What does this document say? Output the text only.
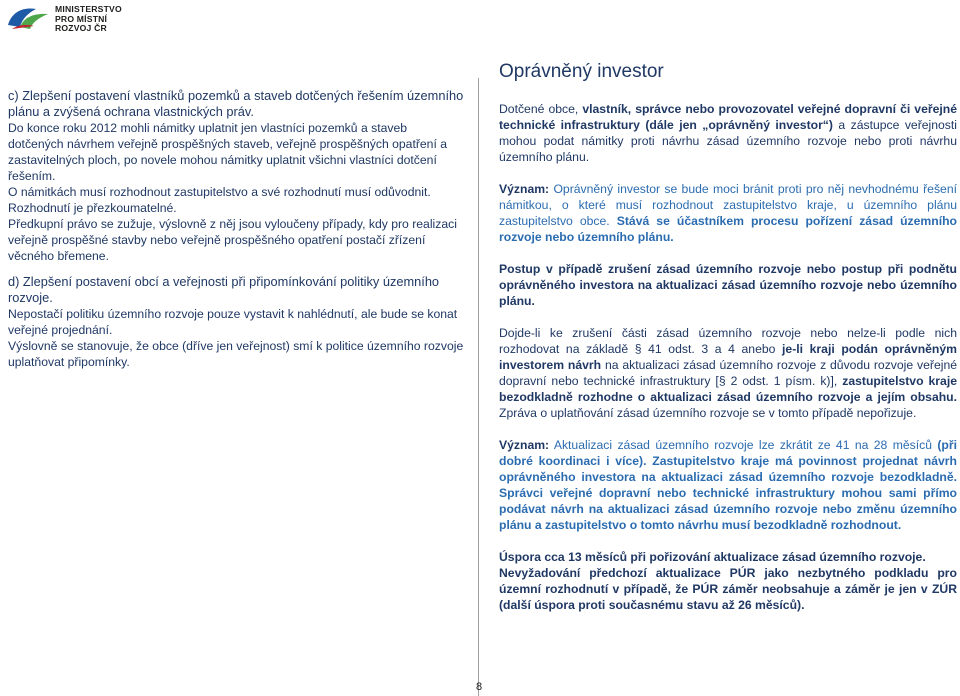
MINISTERSTVO
PRO MÍSTNÍ
ROZVOJ ČR
Oprávněný investor

c) Zlepšení postavení vlastníků pozemků a staveb dotčených řešením územního plánu a zvýšená ochrana vlastnických práv.

Do konce roku 2012 mohli námitky uplatnit jen vlastníci pozemků a staveb dotčených návrhem veřejně prospěšných staveb, veřejně prospěšných opatření a zastavitelných ploch, po novele mohou námitky uplatnit všichni vlastníci dotčení řešením.

O námitkách musí rozhodnout zastupitelstvo a své rozhodnutí musí odůvodnit. Rozhodnutí je přezkoumatelné.

Předkupní právo se zužuje, výslovně z něj jsou vyloučeny případy, kdy pro realizaci veřejně prospěšné stavby nebo veřejně prospěšného opatření postačí zřízení věcného břemene.

d) Zlepšení postavení obcí a veřejnosti při připomínkování politiky územního rozvoje.

Nepostačí politiku územního rozvoje pouze vystavit k nahlédnutí, ale bude se konat veřejné projednání.

Výslovně se stanovuje, že obce (dříve jen veřejnost) smí k politice územního rozvoje uplatňovat připomínky.

Dotčené obce, vlastník, správce nebo provozovatel veřejné dopravní či veřejné technické infrastruktury (dále jen „oprávněný investor“) a zástupce veřejnosti mohou podat námitky proti návrhu zásad územního rozvoje nebo proti návrhu územního plánu.

Význam: Oprávněný investor se bude moci bránit proti pro něj nevhodnému řešení námitkou, o které musí rozhodnout zastupitelstvo kraje, u územního plánu zastupitelstvo obce. Stává se účastníkem procesu pořízení zásad územního rozvoje nebo územního plánu.

Postup v případě zrušení zásad územního rozvoje nebo postup při podnětu oprávněného investora na aktualizaci zásad územního rozvoje nebo územního plánu.

Dojde-li ke zrušení části zásad územního rozvoje nebo nelze-li podle nich rozhodovat na základě § 41 odst. 3 a 4 anebo je-li kraji podán oprávněným investorem návrh na aktualizaci zásad územního rozvoje z důvodu rozvoje veřejné dopravní nebo technické infrastruktury [§ 2 odst. 1 písm. k)], zastupitelstvo kraje bezodkladně rozhodne o aktualizaci zásad územního rozvoje a jejím obsahu. Zpráva o uplatňování zásad územního rozvoje se v tomto případě nepořizuje.

Význam: Aktualizaci zásad územního rozvoje lze zkrátit ze 41 na 28 měsíců (při dobré koordinaci i více). Zastupitelstvo kraje má povinnost projednat návrh oprávněného investora na aktualizaci zásad územního rozvoje bezodkladně. Správci veřejné dopravní nebo technické infrastruktury mohou sami přímo podávat návrh na aktualizaci zásad územního rozvoje nebo změnu územního plánu a zastupitelstvo o tomto návrhu musí bezodkladně rozhodnout.

Úspora cca 13 měsíců při pořizování aktualizace zásad územního rozvoje.

Nevyžadování předchozí aktualizace PÚR jako nezbytného podkladu pro územní rozhodnutí v případě, že PÚR záměr neobsahuje a záměr je jen v ZÚR (další úspora proti současnému stavu až 26 měsíců).

8
